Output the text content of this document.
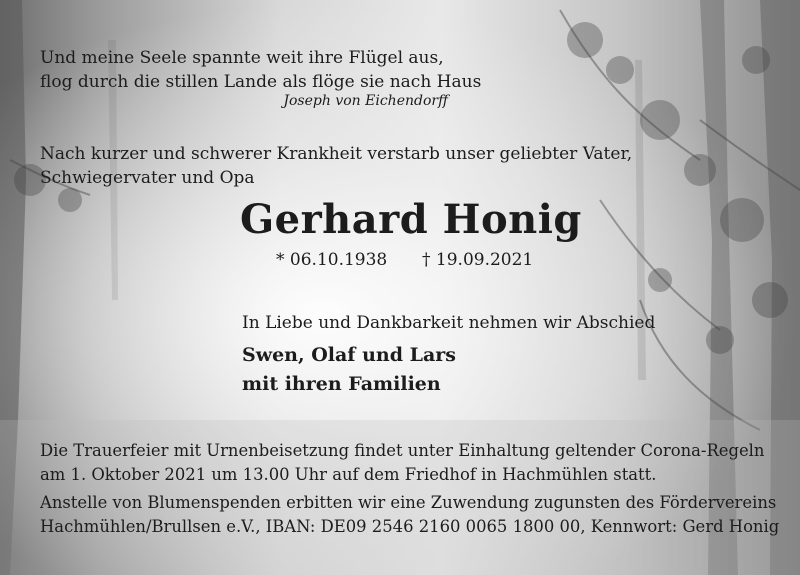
Und meine Seele spannte weit ihre Flügel aus,
flog durch die stillen Lande als flöge sie nach Haus

Joseph von Eichendorff

Nach kurzer und schwerer Krankheit verstarb unser geliebter Vater,
Schwiegervater und Opa

Gerhard Honig

* 06.10.1938 † 19.09.2021

In Liebe und Dankbarkeit nehmen wir Abschied

Swen, Olaf und Lars

mit ihren Familien

Die Trauerfeier mit Urnenbeisetzung findet unter Einhaltung geltender Corona-Regeln
am 1. Oktober 2021 um 13.00 Uhr auf dem Friedhof in Hachmühlen statt.

Anstelle von Blumenspenden erbitten wir eine Zuwendung zugunsten des Fördervereins
Hachmühlen/Brullsen e.V., IBAN: DE09 2546 2160 0065 1800 00, Kennwort: Gerd Honig
